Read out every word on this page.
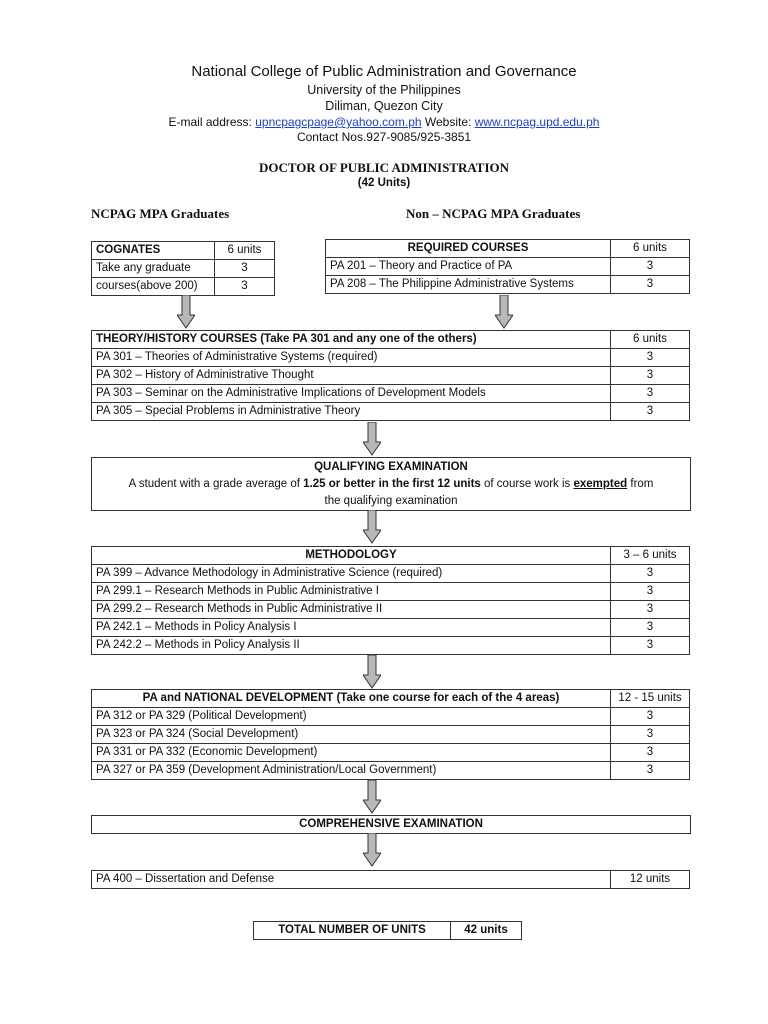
National College of Public Administration and Governance
University of the Philippines
Diliman, Quezon City
E-mail address: upncpagcpage@yahoo.com.ph Website: www.ncpag.upd.edu.ph
Contact Nos.927-9085/925-3851
DOCTOR OF PUBLIC ADMINISTRATION
(42 Units)
NCPAG MPA Graduates	Non – NCPAG MPA Graduates
COGNATES	6 units
Take any graduate	3
courses(above 200)	3
REQUIRED COURSES	6 units
PA 201 – Theory and Practice of PA	3
PA 208 – The Philippine Administrative Systems	3
THEORY/HISTORY COURSES (Take PA 301 and any one of the others)	6 units
PA 301 – Theories of Administrative Systems (required)	3
PA 302 – History of Administrative Thought	3
PA 303 – Seminar on the Administrative Implications of Development Models	3
PA 305 – Special Problems in Administrative Theory	3
QUALIFYING EXAMINATION
A student with a grade average of 1.25 or better in the first 12 units of course work is exempted from
the qualifying examination
METHODOLOGY	3 – 6 units
PA 399 – Advance Methodology in Administrative Science (required)	3
PA 299.1 – Research Methods in Public Administrative I	3
PA 299.2 – Research Methods in Public Administrative II	3
PA 242.1 – Methods in Policy Analysis I	3
PA 242.2 – Methods in Policy Analysis II	3
PA and NATIONAL DEVELOPMENT (Take one course for each of the 4 areas)	12 - 15 units
PA 312 or PA 329 (Political Development)	3
PA 323 or PA 324 (Social Development)	3
PA 331 or PA 332 (Economic Development)	3
PA 327 or PA 359 (Development Administration/Local Government)	3
COMPREHENSIVE EXAMINATION
PA 400 – Dissertation and Defense	12 units
TOTAL NUMBER OF UNITS	42 units
